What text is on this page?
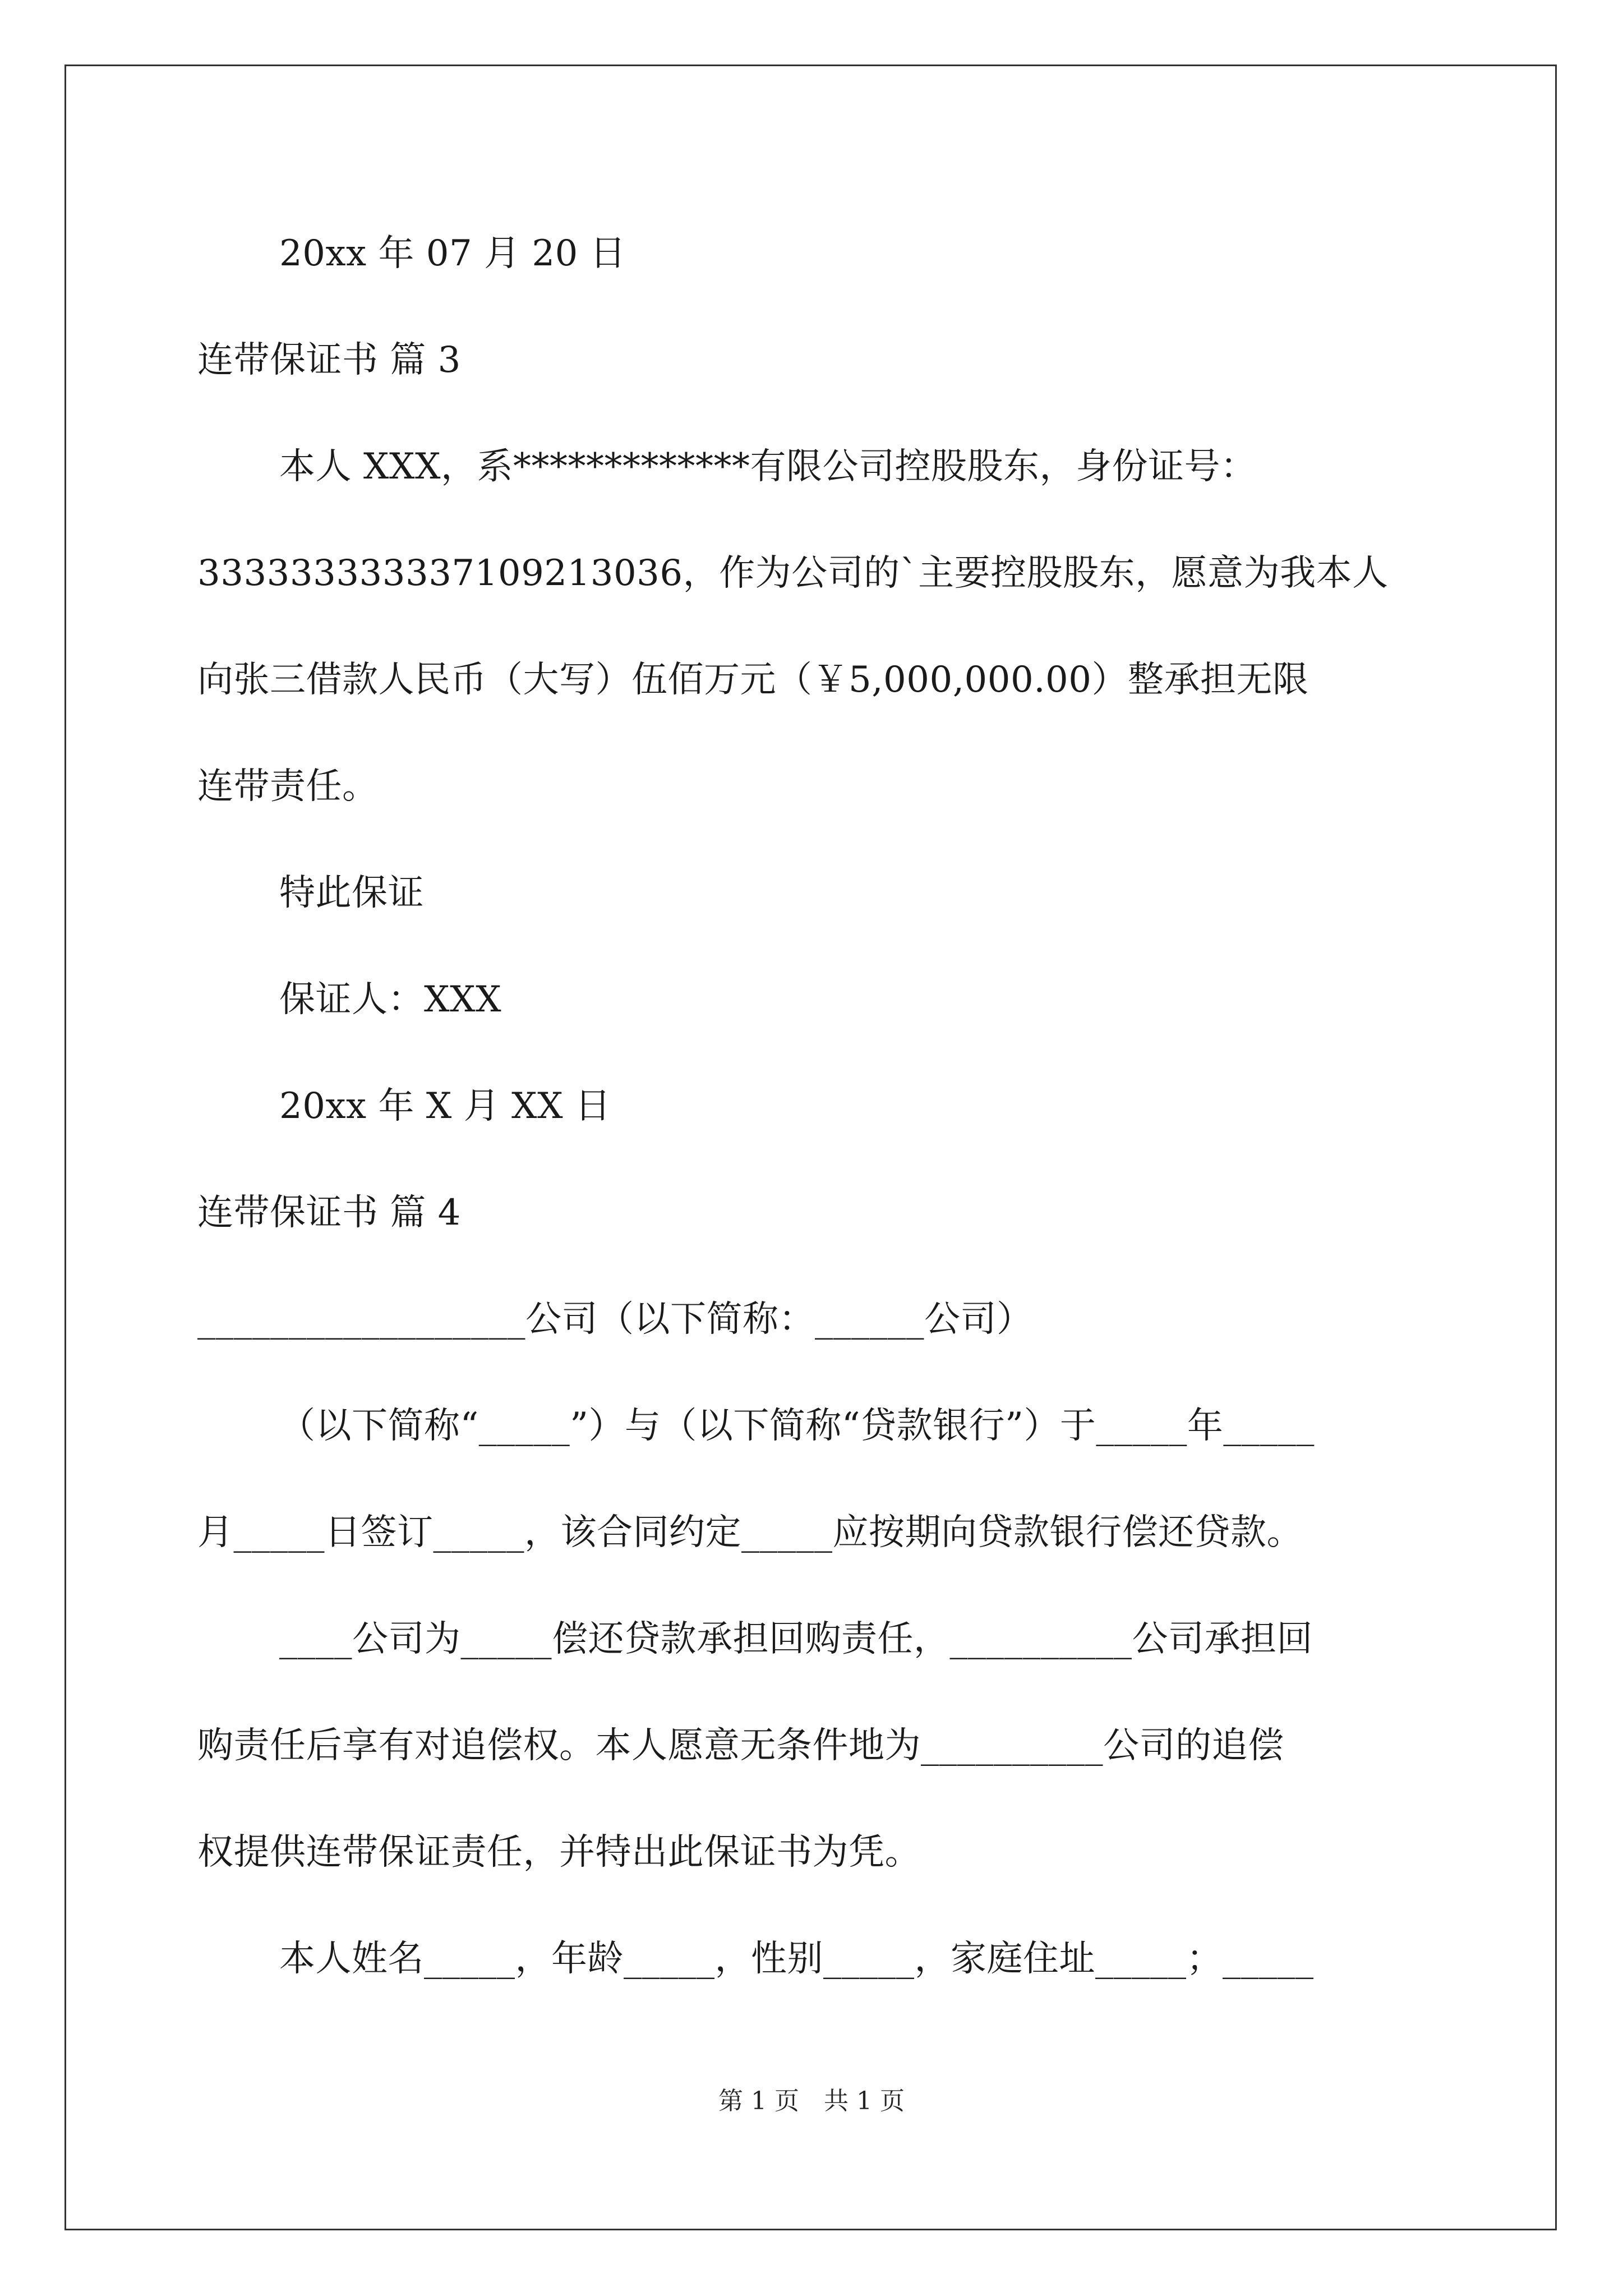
20xx 年 07 月 20 日
连带保证书 篇 3
本人 XXX，系*************有限公司控股股东，身份证号：
333333333337109213036，作为公司的`主要控股股东，愿意为我本人
向张三借款人民币（大写）伍佰万元（￥5,000,000.00）整承担无限
连带责任。
特此保证
保证人：XXX
20xx 年 X 月 XX 日
连带保证书 篇 4
__________________公司（以下简称：______公司）
（以下简称“_____”）与（以下简称“贷款银行”）于_____年_____
月_____日签订_____，该合同约定_____应按期向贷款银行偿还贷款。
____公司为_____偿还贷款承担回购责任，__________公司承担回
购责任后享有对追偿权。本人愿意无条件地为__________公司的追偿
权提供连带保证责任，并特出此保证书为凭。
本人姓名_____，年龄_____，性别_____，家庭住址_____；_____
第 1 页　共 1 页
